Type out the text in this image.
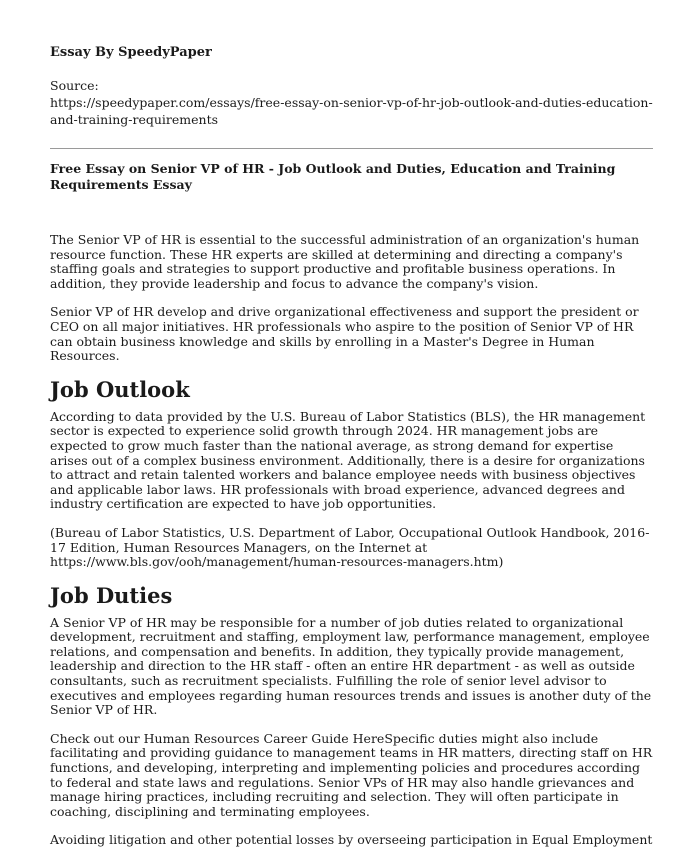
Essay By SpeedyPaper
Source:
https://speedypaper.com/essays/free-essay-on-senior-vp-of-hr-job-outlook-and-duties-education-and-training-requirements
Free Essay on Senior VP of HR - Job Outlook and Duties, Education and Training Requirements Essay

The Senior VP of HR is essential to the successful administration of an organization's human resource function. These HR experts are skilled at determining and directing a company's staffing goals and strategies to support productive and profitable business operations. In addition, they provide leadership and focus to advance the company's vision.

Senior VP of HR develop and drive organizational effectiveness and support the president or CEO on all major initiatives. HR professionals who aspire to the position of Senior VP of HR can obtain business knowledge and skills by enrolling in a Master's Degree in Human Resources.

Job Outlook

According to data provided by the U.S. Bureau of Labor Statistics (BLS), the HR management sector is expected to experience solid growth through 2024. HR management jobs are expected to grow much faster than the national average, as strong demand for expertise arises out of a complex business environment. Additionally, there is a desire for organizations to attract and retain talented workers and balance employee needs with business objectives and applicable labor laws. HR professionals with broad experience, advanced degrees and industry certification are expected to have job opportunities.

(Bureau of Labor Statistics, U.S. Department of Labor, Occupational Outlook Handbook, 2016-17 Edition, Human Resources Managers, on the Internet at https://www.bls.gov/ooh/management/human-resources-managers.htm)

Job Duties

A Senior VP of HR may be responsible for a number of job duties related to organizational development, recruitment and staffing, employment law, performance management, employee relations, and compensation and benefits. In addition, they typically provide management, leadership and direction to the HR staff - often an entire HR department - as well as outside consultants, such as recruitment specialists. Fulfilling the role of senior level advisor to executives and employees regarding human resources trends and issues is another duty of the Senior VP of HR.

Check out our Human Resources Career Guide HereSpecific duties might also include facilitating and providing guidance to management teams in HR matters, directing staff on HR functions, and developing, interpreting and implementing policies and procedures according to federal and state laws and regulations. Senior VPs of HR may also handle grievances and manage hiring practices, including recruiting and selection. They will often participate in coaching, disciplining and terminating employees.

Avoiding litigation and other potential losses by overseeing participation in Equal Employment
